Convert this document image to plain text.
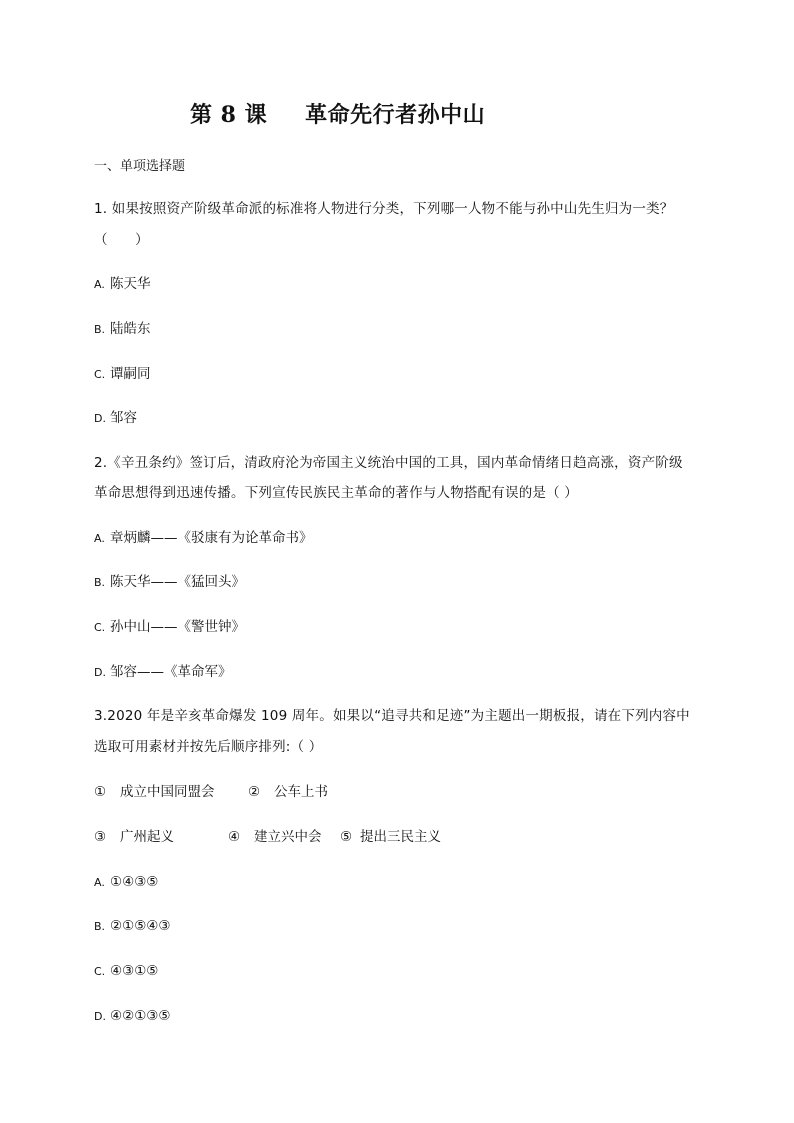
第 8 课 革命先行者孙中山
一、单项选择题
1. 如果按照资产阶级革命派的标准将人物进行分类，下列哪一人物不能与孙中山先生归为一类？
（　　）
A. 陈天华
B. 陆皓东
C. 谭嗣同
D. 邹容
2.《辛丑条约》签订后，清政府沦为帝国主义统治中国的工具，国内革命情绪日趋高涨，资产阶级
革命思想得到迅速传播。下列宣传民族民主革命的著作与人物搭配有误的是（ ）
A. 章炳麟——《驳康有为论革命书》
B. 陈天华——《猛回头》
C. 孙中山——《警世钟》
D. 邹容——《革命军》
3.2020 年是辛亥革命爆发 109 周年。如果以“追寻共和足迹”为主题出一期板报，请在下列内容中
选取可用素材并按先后顺序排列:（ ）
① 成立中国同盟会 ② 公车上书
③ 广州起义	④ 建立兴中会 ⑤ 提出三民主义
A. ①④③⑤
B. ②①⑤④③
C. ④③①⑤
D. ④②①③⑤
